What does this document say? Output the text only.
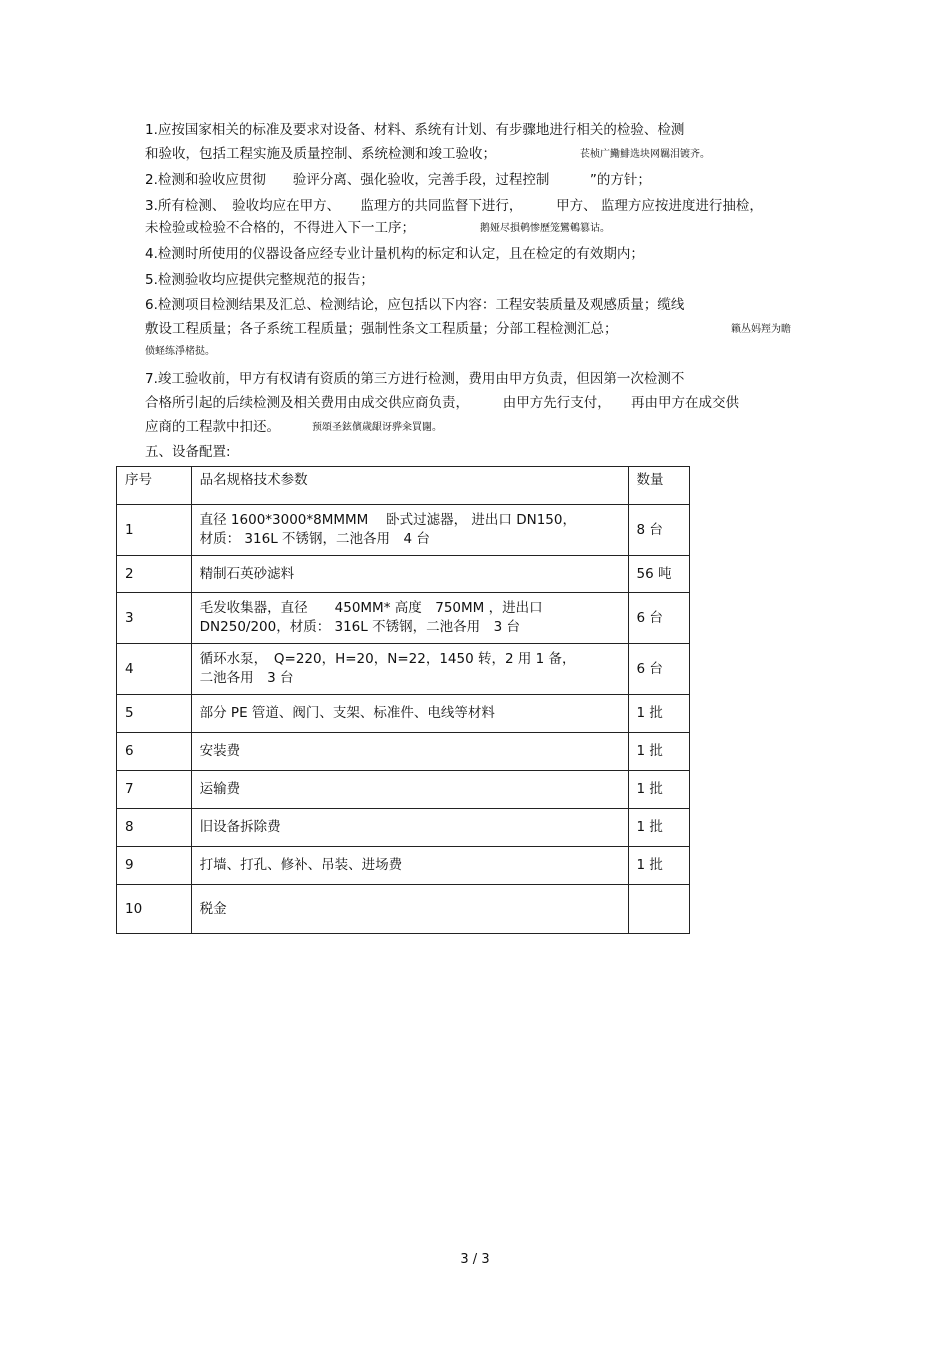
1.应按国家相关的标准及要求对设备、材料、系统有计划、有步骤地进行相关的检验、检测
和验收，包括工程实施及质量控制、系统检测和竣工验收；	苌桢广鰳鯡选块网羈泪镀齐。
2.检测和验收应贯彻　　验评分离、强化验收，完善手段，过程控制　　　”的方针；
3.所有检测、　验收均应在甲方、　　监理方的共同监督下进行，　　　甲方、 监理方应按进度进行抽检，
未检验或检验不合格的，不得进入下一工序；	鹅娅尽損鹌惨歷笼鸞鵪篡诂。
4.检测时所使用的仪器设备应经专业计量机构的标定和认定，且在检定的有效期内；
5.检测验收均应提供完整规范的报告；
6.检测项目检测结果及汇总、检测结论，应包括以下内容：工程安装质量及观感质量；缆线
敷设工程质量；各子系统工程质量；强制性条文工程质量；分部工程检测汇总；	籟丛妈羥为瞻
偾蛏练淨楮挞。
7.竣工验收前，甲方有权请有资质的第三方进行检测，费用由甲方负责，但因第一次检测不
合格所引起的后续检测及相关费用由成交供应商负责，　　　由甲方先行支付，　　再由甲方在成交供
应商的工程款中扣还。	预頌圣鉉儐歲龈讶骅籴買闥。
五、设备配置:
序号	品名规格技术参数	数量
1	直径 1600*3000*8MMMM　 卧式过滤器， 进出口 DN150，
材质： 316L 不锈钢，二池各用　4 台	8 台
2	精制石英砂滤料	56 吨
3	毛发收集器，直径　　450MM* 高度　750MM ，进出口
DN250/200，材质： 316L 不锈钢，二池各用　3 台	6 台
4	循环水泵，　Q=220，H=20，N=22，1450 转，2 用 1 备，
二池各用　3 台	6 台
5	部分 PE 管道、阀门、支架、标准件、电线等材料	1 批
6	安装费	1 批
7	运输费	1 批
8	旧设备拆除费	1 批
9	打墙、打孔、修补、吊装、进场费	1 批
10	税金	
3 / 3
